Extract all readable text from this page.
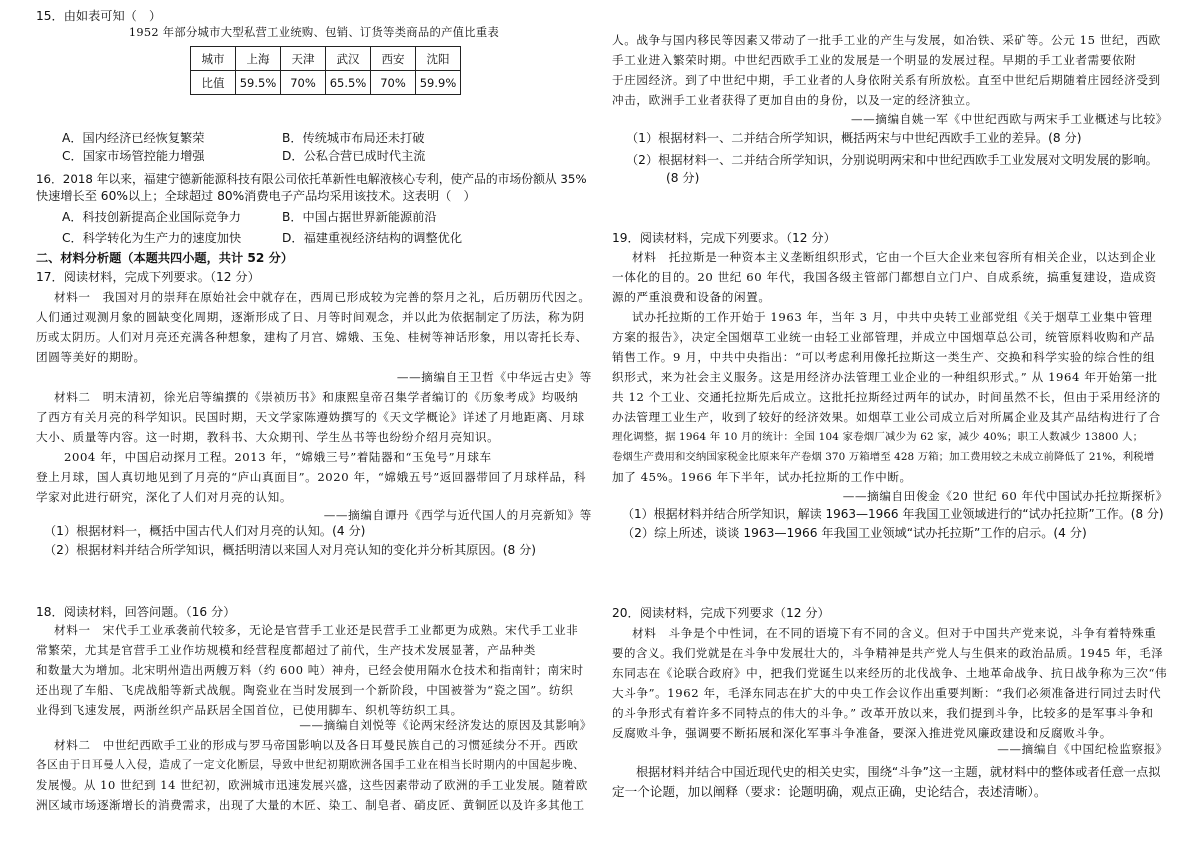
15．由如表可知（　）
1952 年部分城市大型私营工业统购、包销、订货等类商品的产值比重表
城市	上海	天津	武汉	西安	沈阳
比值	59.5%	70%	65.5%	70%	59.9%
A．国内经济已经恢复繁荣	B．传统城市布局还未打破
C．国家市场管控能力增强	D．公私合营已成时代主流
16．2018 年以来，福建宁德新能源科技有限公司依托革新性电解液核心专利，使产品的市场份额从 35%
快速增长至 60%以上；全球超过 80%消费电子产品均采用该技术。这表明（　）
A．科技创新提高企业国际竞争力	B．中国占据世界新能源前沿
C．科学转化为生产力的速度加快	D．福建重视经济结构的调整优化
二、材料分析题（本题共四小题，共计 52 分）
17．阅读材料，完成下列要求。（12 分）
材料一　我国对月的崇拜在原始社会中就存在，西周已形成较为完善的祭月之礼，后历朝历代因之。
人们通过观测月象的圆缺变化周期，逐渐形成了日、月等时间观念，并以此为依据制定了历法，称为阴
历或太阴历。人们对月亮还充满各种想象，建构了月宫、嫦娥、玉兔、桂树等神话形象，用以寄托长寿、
团圆等美好的期盼。
——摘编自王卫哲《中华远古史》等
材料二　明末清初，徐光启等编撰的《崇祯历书》和康熙皇帝召集学者编订的《历象考成》均吸纳
了西方有关月亮的科学知识。民国时期，天文学家陈遵妫撰写的《天文学概论》详述了月地距离、月球
大小、质量等内容。这一时期，教科书、大众期刊、学生丛书等也纷纷介绍月亮知识。
2004 年，中国启动探月工程。2013 年，“嫦娥三号”着陆器和“玉兔号”月球车
登上月球，国人真切地见到了月亮的“庐山真面目”。2020 年，“嫦娥五号”返回器带回了月球样品，科
学家对此进行研究，深化了人们对月亮的认知。
——摘编自谭丹《西学与近代国人的月亮新知》等
（1）根据材料一，概括中国古代人们对月亮的认知。(4 分)
（2）根据材料并结合所学知识，概括明清以来国人对月亮认知的变化并分析其原因。(8 分)
18．阅读材料，回答问题。（16 分）
材料一　宋代手工业承袭前代较多，无论是官营手工业还是民营手工业都更为成熟。宋代手工业非
常繁荣，尤其是官营手工业作坊规模和经营程度都超过了前代，生产技术发展显著，产品种类
和数量大为增加。北宋明州造出两艘万料（约 600 吨）神舟，已经会使用隔水仓技术和指南针；南宋时
还出现了车船、飞虎战船等新式战舰。陶瓷业在当时发展到一个新阶段，中国被誉为“瓷之国”。纺织
业得到飞速发展，两浙丝织产品跃居全国首位，已使用脚车、织机等纺织工具。
——摘编自刘悦等《论两宋经济发达的原因及其影响》
材料二　中世纪西欧手工业的形成与罗马帝国影响以及各日耳曼民族自己的习惯延续分不开。西欧
各区由于日耳曼人入侵，造成了一定文化断层，导致中世纪初期欧洲各国手工业在相当长时期内的中国起步晚、
发展慢。从 10 世纪到 14 世纪初，欧洲城市迅速发展兴盛，这些因素带动了欧洲的手工业发展。随着欧
洲区域市场逐渐增长的消费需求，出现了大量的木匠、染工、制皂者、硝皮匠、黄铜匠以及许多其他工
人。战争与国内移民等因素又带动了一批手工业的产生与发展，如冶铁、采矿等。公元 15 世纪，西欧
手工业进入繁荣时期。中世纪西欧手工业的发展是一个明显的发展过程。早期的手工业者需要依附
于庄园经济。到了中世纪中期，手工业者的人身依附关系有所放松。直至中世纪后期随着庄园经济受到
冲击，欧洲手工业者获得了更加自由的身份，以及一定的经济独立。
——摘编自姚一军《中世纪西欧与两宋手工业概述与比较》
（1）根据材料一、二并结合所学知识，概括两宋与中世纪西欧手工业的差异。(8 分)
（2）根据材料一、二并结合所学知识，分别说明两宋和中世纪西欧手工业发展对文明发展的影响。
(8 分)
19．阅读材料，完成下列要求。（12 分）
材料　托拉斯是一种资本主义垄断组织形式，它由一个巨大企业来包容所有相关企业，以达到企业
一体化的目的。20 世纪 60 年代，我国各级主管部门都想自立门户、自成系统，搞重复建设，造成资
源的严重浪费和设备的闲置。
试办托拉斯的工作开始于 1963 年，当年 3 月，中共中央转工业部党组《关于烟草工业集中管理
方案的报告》，决定全国烟草工业统一由轻工业部管理，并成立中国烟草总公司，统管原料收购和产品
销售工作。9 月，中共中央指出：“可以考虑利用像托拉斯这一类生产、交换和科学实验的综合性的组
织形式，来为社会主义服务。这是用经济办法管理工业企业的一种组织形式。” 从 1964 年开始第一批
共 12 个工业、交通托拉斯先后成立。这批托拉斯经过两年的试办，时间虽然不长，但由于采用经济的
办法管理工业生产，收到了较好的经济效果。如烟草工业公司成立后对所属企业及其产品结构进行了合
理化调整，据 1964 年 10 月的统计：全国 104 家卷烟厂减少为 62 家，减少 40%；职工人数减少 13800 人；
卷烟生产费用和交纳国家税金比原来年产卷烟 370 万箱增至 428 万箱；加工费用较之未成立前降低了 21%，利税增
加了 45%。1966 年下半年，试办托拉斯的工作中断。
——摘编自田俊金《20 世纪 60 年代中国试办托拉斯探析》
（1）根据材料并结合所学知识，解读 1963—1966 年我国工业领域进行的“试办托拉斯”工作。(8 分)
（2）综上所述，谈谈 1963—1966 年我国工业领域“试办托拉斯”工作的启示。(4 分)
20．阅读材料，完成下列要求（12 分）
材料　斗争是个中性词，在不同的语境下有不同的含义。但对于中国共产党来说，斗争有着特殊重
要的含义。我们党就是在斗争中发展壮大的，斗争精神是共产党人与生俱来的政治品质。1945 年，毛泽
东同志在《论联合政府》中，把我们党诞生以来经历的北伐战争、土地革命战争、抗日战争称为三次“伟
大斗争”。1962 年，毛泽东同志在扩大的中央工作会议作出重要判断：“我们必须准备进行同过去时代
的斗争形式有着许多不同特点的伟大的斗争。” 改革开放以来，我们提到斗争，比较多的是军事斗争和
反腐败斗争，强调要不断拓展和深化军事斗争准备，要深入推进党风廉政建设和反腐败斗争。
——摘编自《中国纪检监察报》
根据材料并结合中国近现代史的相关史实，围绕“斗争”这一主题，就材料中的整体或者任意一点拟
定一个论题，加以阐释（要求：论题明确，观点正确，史论结合，表述清晰）。
